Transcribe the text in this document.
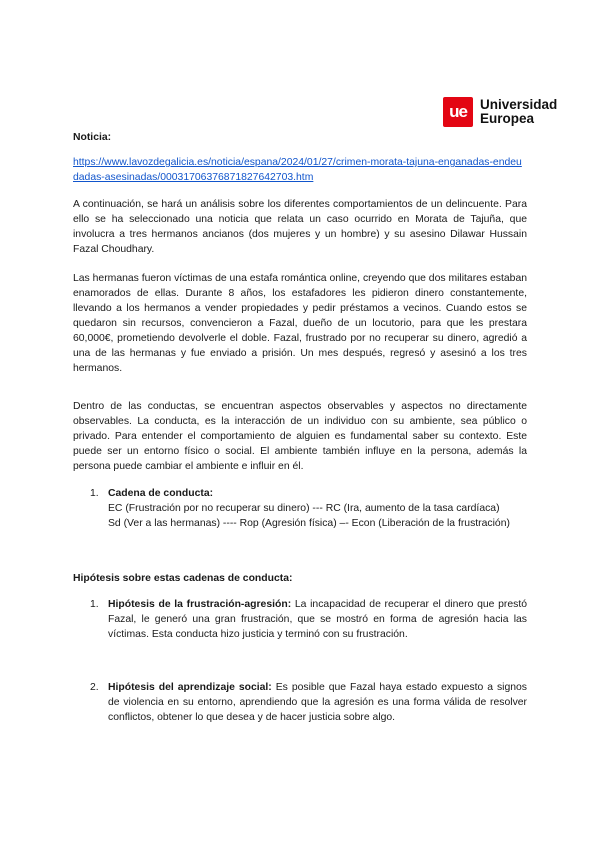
ue Universidad
Europea
Noticia:
https://www.lavozdegalicia.es/noticia/espana/2024/01/27/crimen-morata-tajuna-enganadas-endeudadas-asesinadas/00031706376871827642703.htm
A continuación, se hará un análisis sobre los diferentes comportamientos de un delincuente. Para ello se ha seleccionado una noticia que relata un caso ocurrido en Morata de Tajuña, que involucra a tres hermanos ancianos (dos mujeres y un hombre) y su asesino Dilawar Hussain Fazal Choudhary.
Las hermanas fueron víctimas de una estafa romántica online, creyendo que dos militares estaban enamorados de ellas. Durante 8 años, los estafadores les pidieron dinero constantemente, llevando a los hermanos a vender propiedades y pedir préstamos a vecinos. Cuando estos se quedaron sin recursos, convencieron a Fazal, dueño de un locutorio, para que les prestara 60,000€, prometiendo devolverle el doble. Fazal, frustrado por no recuperar su dinero, agredió a una de las hermanas y fue enviado a prisión. Un mes después, regresó y asesinó a los tres hermanos.
Dentro de las conductas, se encuentran aspectos observables y aspectos no directamente observables. La conducta, es la interacción de un individuo con su ambiente, sea público o privado. Para entender el comportamiento de alguien es fundamental saber su contexto. Este puede ser un entorno físico o social. El ambiente también influye en la persona, además la persona puede cambiar el ambiente e influir en él.
1. Cadena de conducta:
EC (Frustración por no recuperar su dinero) --- RC (Ira, aumento de la tasa cardíaca)
Sd (Ver a las hermanas) ---- Rop (Agresión física) –- Econ (Liberación de la frustración)
Hipótesis sobre estas cadenas de conducta:
1. Hipótesis de la frustración-agresión: La incapacidad de recuperar el dinero que prestó Fazal, le generó una gran frustración, que se mostró en forma de agresión hacia las víctimas. Esta conducta hizo justicia y terminó con su frustración.
2. Hipótesis del aprendizaje social: Es posible que Fazal haya estado expuesto a signos de violencia en su entorno, aprendiendo que la agresión es una forma válida de resolver conflictos, obtener lo que desea y de hacer justicia sobre algo.
